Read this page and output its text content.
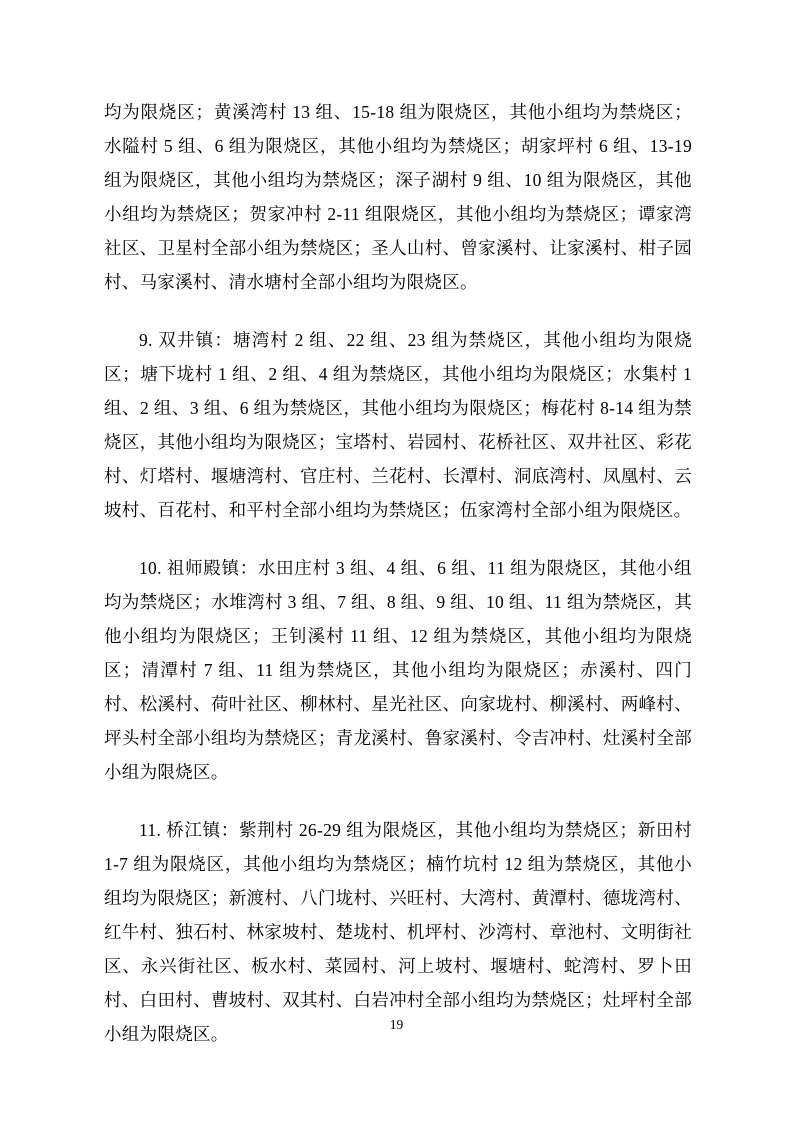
均为限烧区；黄溪湾村 13 组、15-18 组为限烧区，其他小组均为禁烧区；水隘村 5 组、6 组为限烧区，其他小组均为禁烧区；胡家坪村 6 组、13-19 组为限烧区，其他小组均为禁烧区；深子湖村 9 组、10 组为限烧区，其他小组均为禁烧区；贺家冲村 2-11 组限烧区，其他小组均为禁烧区；谭家湾社区、卫星村全部小组为禁烧区；圣人山村、曾家溪村、让家溪村、柑子园村、马家溪村、清水塘村全部小组均为限烧区。

9. 双井镇：塘湾村 2 组、22 组、23 组为禁烧区，其他小组均为限烧区；塘下垅村 1 组、2 组、4 组为禁烧区，其他小组均为限烧区；水集村 1 组、2 组、3 组、6 组为禁烧区，其他小组均为限烧区；梅花村 8-14 组为禁烧区，其他小组均为限烧区；宝塔村、岩园村、花桥社区、双井社区、彩花村、灯塔村、堰塘湾村、官庄村、兰花村、长潭村、洞底湾村、凤凰村、云坡村、百花村、和平村全部小组均为禁烧区；伍家湾村全部小组为限烧区。

10. 祖师殿镇：水田庄村 3 组、4 组、6 组、11 组为限烧区，其他小组均为禁烧区；水堆湾村 3 组、7 组、8 组、9 组、10 组、11 组为禁烧区，其他小组均为限烧区；王钊溪村 11 组、12 组为禁烧区，其他小组均为限烧区；清潭村 7 组、11 组为禁烧区，其他小组均为限烧区；赤溪村、四门村、松溪村、荷叶社区、柳林村、星光社区、向家垅村、柳溪村、两峰村、坪头村全部小组均为禁烧区；青龙溪村、鲁家溪村、令吉冲村、灶溪村全部小组为限烧区。

11. 桥江镇：紫荆村 26-29 组为限烧区，其他小组均为禁烧区；新田村 1-7 组为限烧区，其他小组均为禁烧区；楠竹坑村 12 组为禁烧区，其他小组均为限烧区；新渡村、八门垅村、兴旺村、大湾村、黄潭村、德垅湾村、红牛村、独石村、林家坡村、楚垅村、机坪村、沙湾村、章池村、文明街社区、永兴街社区、板水村、菜园村、河上坡村、堰塘村、蛇湾村、罗卜田村、白田村、曹坡村、双其村、白岩冲村全部小组均为禁烧区；灶坪村全部小组为限烧区。	19
